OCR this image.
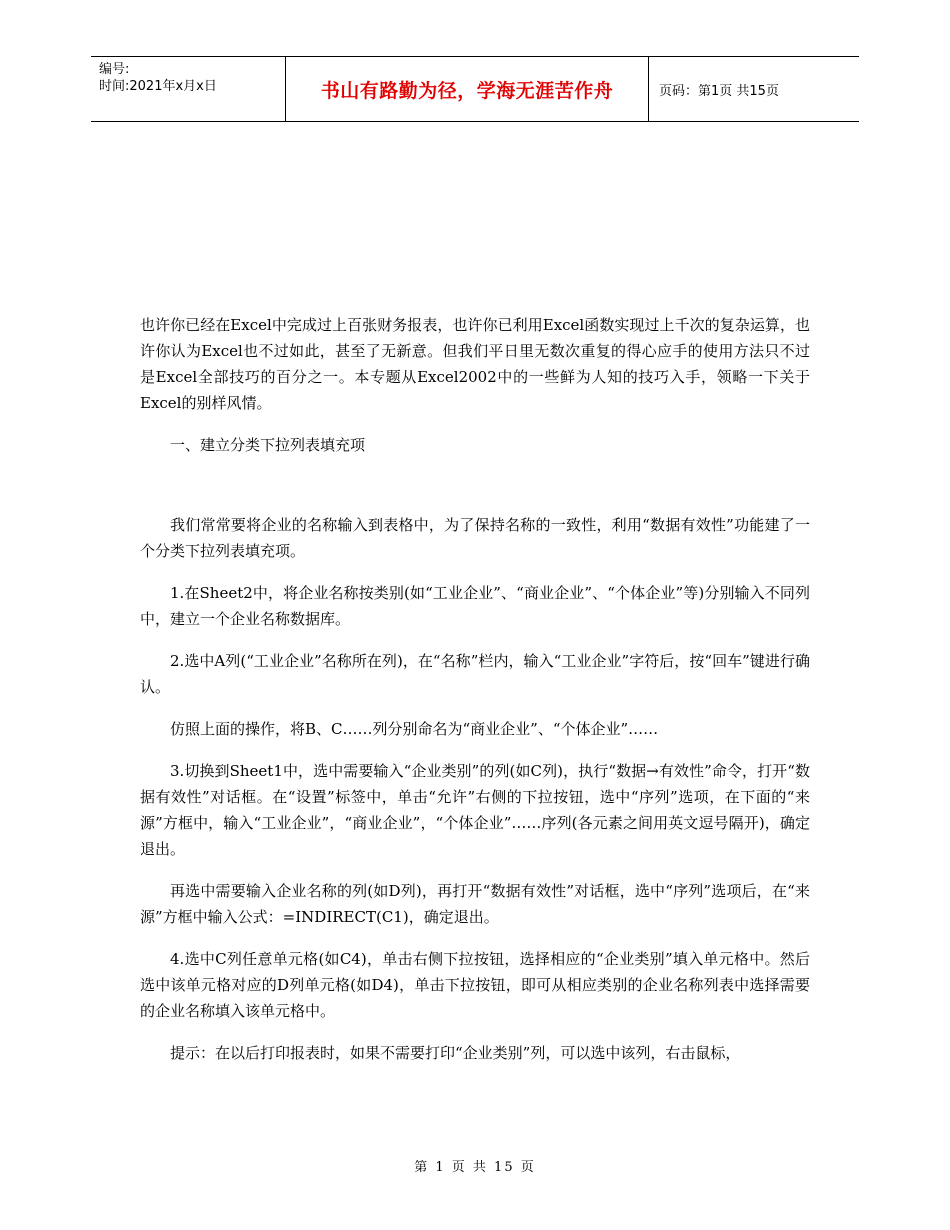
编号:
时间:2021年x月x日	书山有路勤为径，学海无涯苦作舟	页码：第1页 共15页

也许你已经在Excel中完成过上百张财务报表，也许你已利用Excel函数实现过上千次的复杂运算，也许你认为Excel也不过如此，甚至了无新意。但我们平日里无数次重复的得心应手的使用方法只不过是Excel全部技巧的百分之一。本专题从Excel2002中的一些鲜为人知的技巧入手，领略一下关于Excel的别样风情。

一、建立分类下拉列表填充项

我们常常要将企业的名称输入到表格中，为了保持名称的一致性，利用“数据有效性”功能建了一个分类下拉列表填充项。

1.在Sheet2中，将企业名称按类别(如“工业企业”、“商业企业”、“个体企业”等)分别输入不同列中，建立一个企业名称数据库。

2.选中A列(“工业企业”名称所在列)，在“名称”栏内，输入“工业企业”字符后，按“回车”键进行确认。

仿照上面的操作，将B、C……列分别命名为“商业企业”、“个体企业”……

3.切换到Sheet1中，选中需要输入“企业类别”的列(如C列)，执行“数据→有效性”命令，打开“数据有效性”对话框。在“设置”标签中，单击“允许”右侧的下拉按钮，选中“序列”选项，在下面的“来源”方框中，输入“工业企业”，“商业企业”，“个体企业”……序列(各元素之间用英文逗号隔开)，确定退出。

再选中需要输入企业名称的列(如D列)，再打开“数据有效性”对话框，选中“序列”选项后，在“来源”方框中输入公式：=INDIRECT(C1)，确定退出。

4.选中C列任意单元格(如C4)，单击右侧下拉按钮，选择相应的“企业类别”填入单元格中。然后选中该单元格对应的D列单元格(如D4)，单击下拉按钮，即可从相应类别的企业名称列表中选择需要的企业名称填入该单元格中。

提示：在以后打印报表时，如果不需要打印“企业类别”列，可以选中该列，右击鼠标，

第 1 页 共 15 页
